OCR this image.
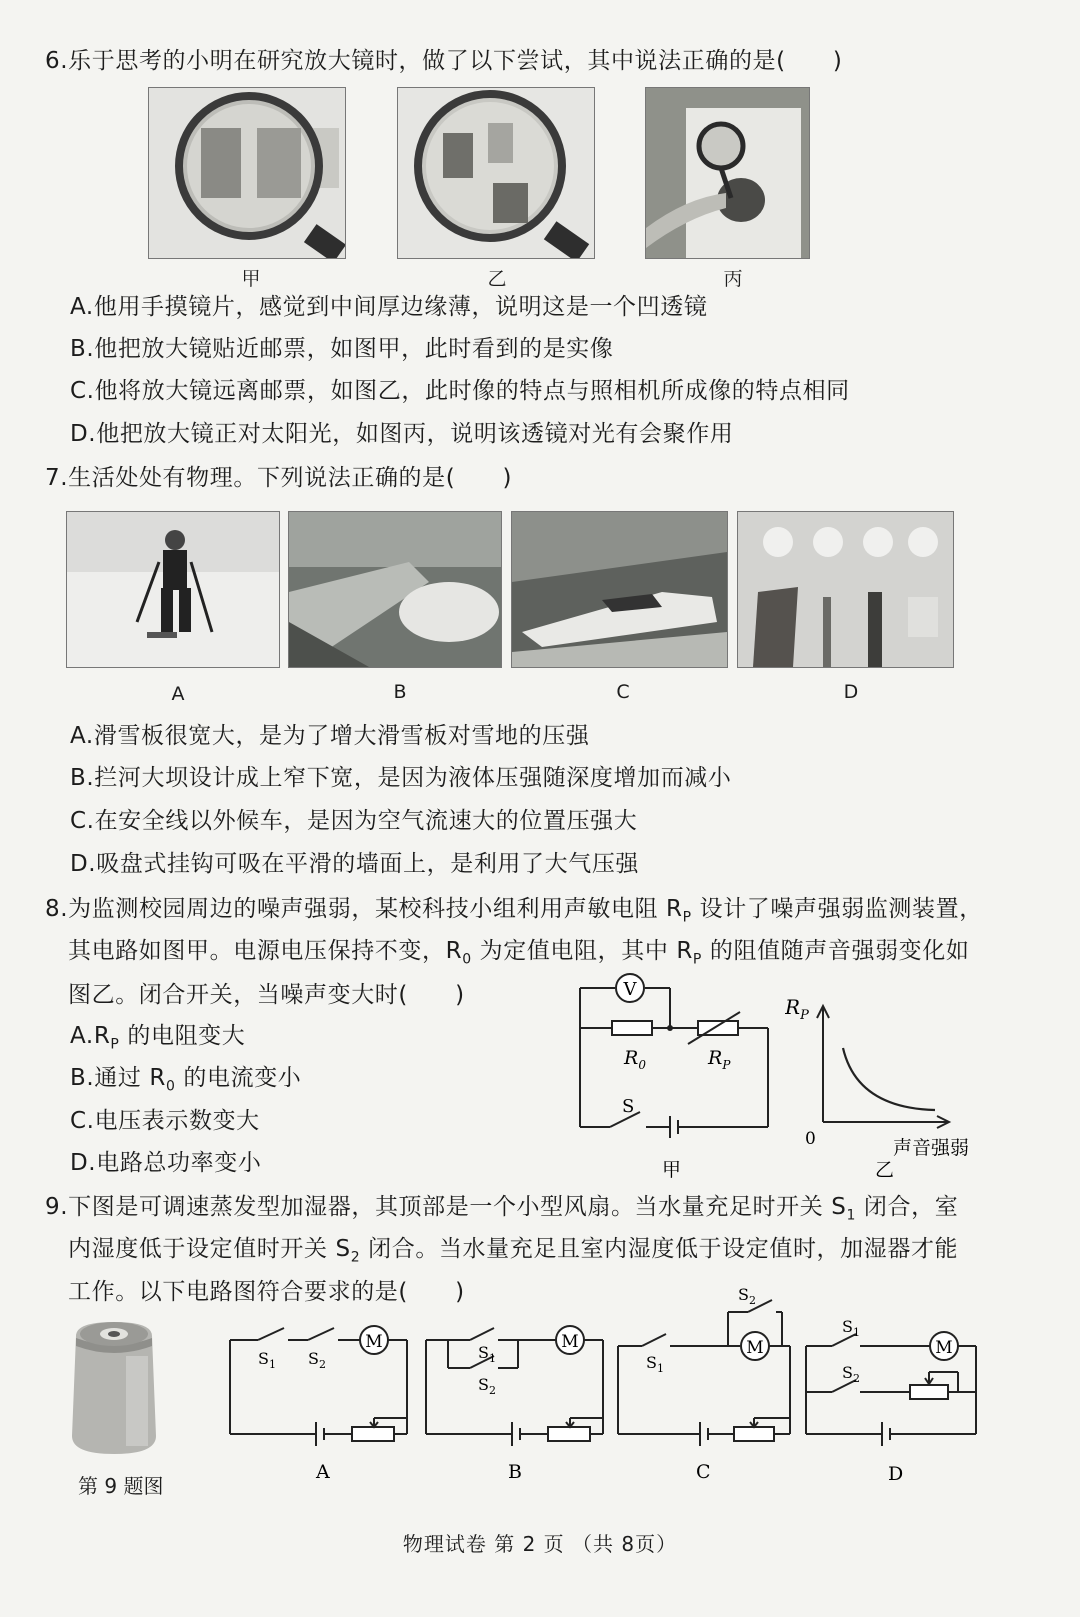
6.乐于思考的小明在研究放大镜时，做了以下尝试，其中说法正确的是(　　)
甲	乙	丙
A.他用手摸镜片，感觉到中间厚边缘薄，说明这是一个凹透镜
B.他把放大镜贴近邮票，如图甲，此时看到的是实像
C.他将放大镜远离邮票，如图乙，此时像的特点与照相机所成像的特点相同
D.他把放大镜正对太阳光，如图丙，说明该透镜对光有会聚作用
7.生活处处有物理。下列说法正确的是(　　)
A	B	C	D
A.滑雪板很宽大，是为了增大滑雪板对雪地的压强
B.拦河大坝设计成上窄下宽，是因为液体压强随深度增加而减小
C.在安全线以外候车，是因为空气流速大的位置压强大
D.吸盘式挂钩可吸在平滑的墙面上，是利用了大气压强
8.为监测校园周边的噪声强弱，某校科技小组利用声敏电阻 $R_P$ 设计了噪声强弱监测装置，
其电路如图甲。电源电压保持不变，$R_0$ 为定值电阻，其中 $R_P$ 的阻值随声音强弱变化如
图乙。闭合开关，当噪声变大时(　　)
$A.R_P$ 的电阻变大
B.通过 $R_0$ 的电流变小
C.电压表示数变大
D.电路总功率变小
V
$R_0$	$R_P$
S
甲
$R_P$
0	声音强弱
乙
9.下图是可调速蒸发型加湿器，其顶部是一个小型风扇。当水量充足时开关 $S_1$ 闭合，室
内湿度低于设定值时开关 $S_2$ 闭合。当水量充足且室内湿度低于设定值时，加湿器才能
工作。以下电路图符合要求的是(　　)
第 9 题图
M
$S_1$ $S_2$
A
M
$S_1$
$S_2$
B
M
$S_1$
$S_2$
C
M
$S_1$
$S_2$
D
物理试卷 第 2 页 （共 8页）
